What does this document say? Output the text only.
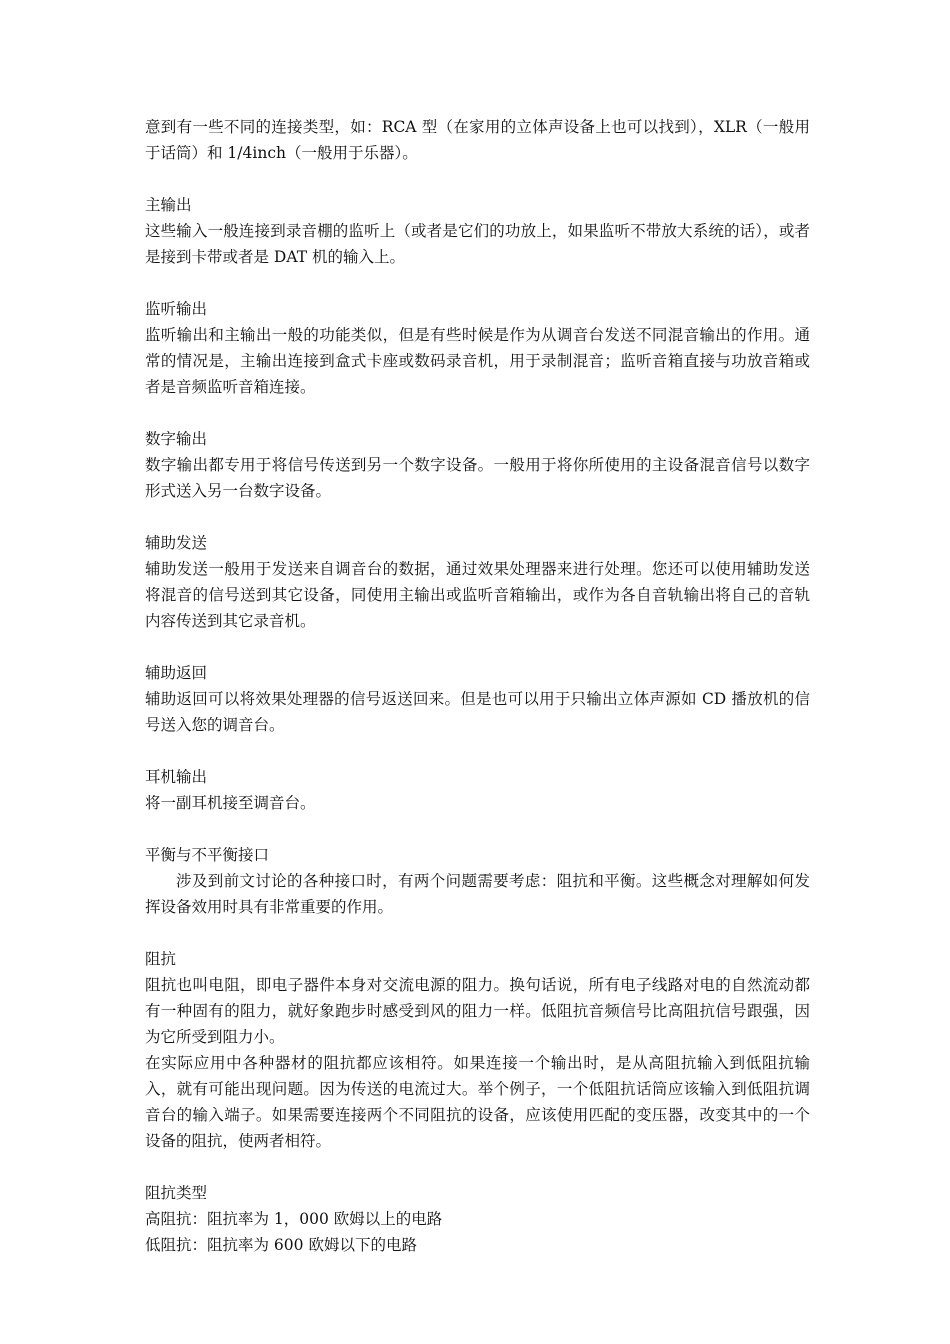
意到有一些不同的连接类型，如：RCA 型（在家用的立体声设备上也可以找到），XLR（一般用于话筒）和 1/4inch（一般用于乐器）。

主输出

这些输入一般连接到录音棚的监听上（或者是它们的功放上，如果监听不带放大系统的话），或者是接到卡带或者是 DAT 机的输入上。

监听输出

监听输出和主输出一般的功能类似，但是有些时候是作为从调音台发送不同混音输出的作用。通常的情况是，主输出连接到盒式卡座或数码录音机，用于录制混音；监听音箱直接与功放音箱或者是音频监听音箱连接。

数字输出

数字输出都专用于将信号传送到另一个数字设备。一般用于将你所使用的主设备混音信号以数字形式送入另一台数字设备。

辅助发送

辅助发送一般用于发送来自调音台的数据，通过效果处理器来进行处理。您还可以使用辅助发送将混音的信号送到其它设备，同使用主输出或监听音箱输出，或作为各自音轨输出将自己的音轨内容传送到其它录音机。

辅助返回

辅助返回可以将效果处理器的信号返送回来。但是也可以用于只输出立体声源如 CD 播放机的信号送入您的调音台。

耳机输出

将一副耳机接至调音台。

平衡与不平衡接口

涉及到前文讨论的各种接口时，有两个问题需要考虑：阻抗和平衡。这些概念对理解如何发挥设备效用时具有非常重要的作用。

阻抗

阻抗也叫电阻，即电子器件本身对交流电源的阻力。换句话说，所有电子线路对电的自然流动都有一种固有的阻力，就好象跑步时感受到风的阻力一样。低阻抗音频信号比高阻抗信号跟强，因为它所受到阻力小。

在实际应用中各种器材的阻抗都应该相符。如果连接一个输出时，是从高阻抗输入到低阻抗输入，就有可能出现问题。因为传送的电流过大。举个例子，一个低阻抗话筒应该输入到低阻抗调音台的输入端子。如果需要连接两个不同阻抗的设备，应该使用匹配的变压器，改变其中的一个设备的阻抗，使两者相符。

阻抗类型

高阻抗：阻抗率为 1，000 欧姆以上的电路

低阻抗：阻抗率为 600 欧姆以下的电路
